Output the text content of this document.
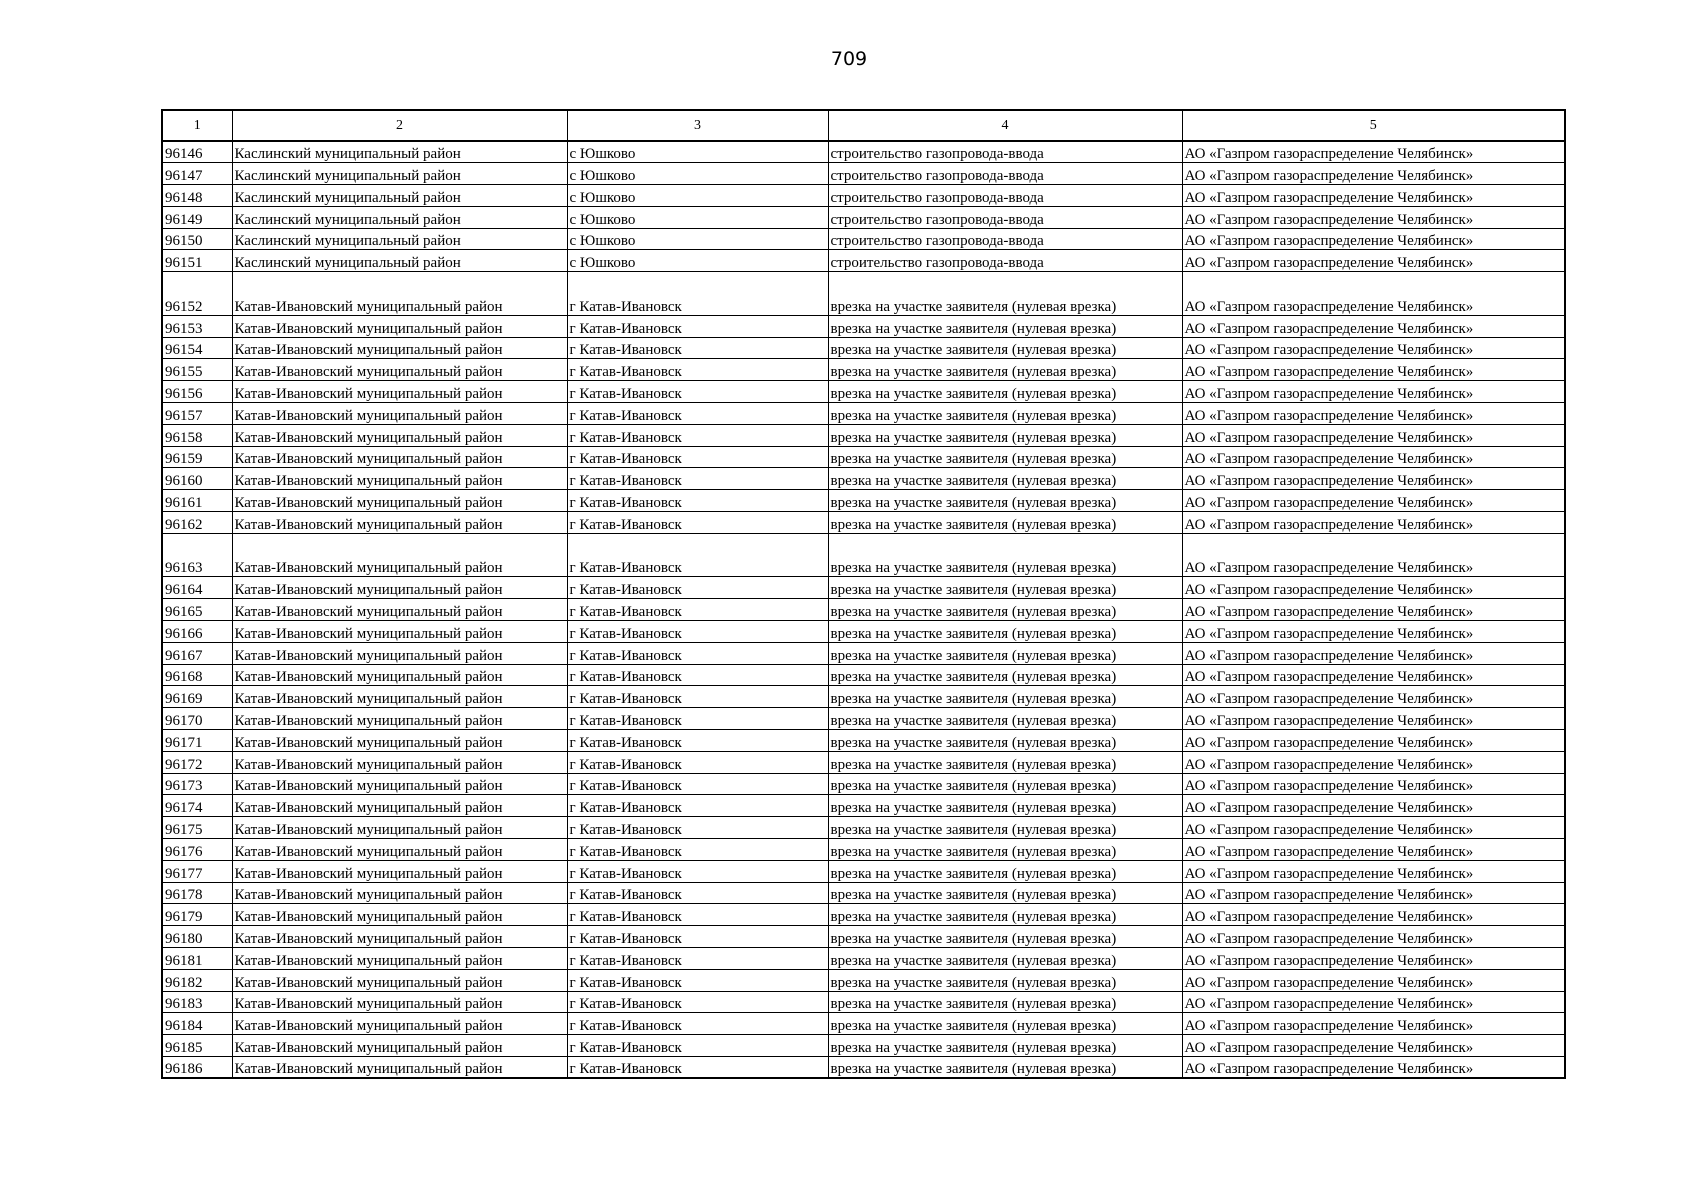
709
1	2	3	4	5
96146	Каслинский муниципальный район	с Юшково	строительство газопровода-ввода	АО «Газпром газораспределение Челябинск»
96147	Каслинский муниципальный район	с Юшково	строительство газопровода-ввода	АО «Газпром газораспределение Челябинск»
96148	Каслинский муниципальный район	с Юшково	строительство газопровода-ввода	АО «Газпром газораспределение Челябинск»
96149	Каслинский муниципальный район	с Юшково	строительство газопровода-ввода	АО «Газпром газораспределение Челябинск»
96150	Каслинский муниципальный район	с Юшково	строительство газопровода-ввода	АО «Газпром газораспределение Челябинск»
96151	Каслинский муниципальный район	с Юшково	строительство газопровода-ввода	АО «Газпром газораспределение Челябинск»
96152	Катав-Ивановский муниципальный район	г Катав-Ивановск	врезка на участке заявителя (нулевая врезка)	АО «Газпром газораспределение Челябинск»
96153	Катав-Ивановский муниципальный район	г Катав-Ивановск	врезка на участке заявителя (нулевая врезка)	АО «Газпром газораспределение Челябинск»
96154	Катав-Ивановский муниципальный район	г Катав-Ивановск	врезка на участке заявителя (нулевая врезка)	АО «Газпром газораспределение Челябинск»
96155	Катав-Ивановский муниципальный район	г Катав-Ивановск	врезка на участке заявителя (нулевая врезка)	АО «Газпром газораспределение Челябинск»
96156	Катав-Ивановский муниципальный район	г Катав-Ивановск	врезка на участке заявителя (нулевая врезка)	АО «Газпром газораспределение Челябинск»
96157	Катав-Ивановский муниципальный район	г Катав-Ивановск	врезка на участке заявителя (нулевая врезка)	АО «Газпром газораспределение Челябинск»
96158	Катав-Ивановский муниципальный район	г Катав-Ивановск	врезка на участке заявителя (нулевая врезка)	АО «Газпром газораспределение Челябинск»
96159	Катав-Ивановский муниципальный район	г Катав-Ивановск	врезка на участке заявителя (нулевая врезка)	АО «Газпром газораспределение Челябинск»
96160	Катав-Ивановский муниципальный район	г Катав-Ивановск	врезка на участке заявителя (нулевая врезка)	АО «Газпром газораспределение Челябинск»
96161	Катав-Ивановский муниципальный район	г Катав-Ивановск	врезка на участке заявителя (нулевая врезка)	АО «Газпром газораспределение Челябинск»
96162	Катав-Ивановский муниципальный район	г Катав-Ивановск	врезка на участке заявителя (нулевая врезка)	АО «Газпром газораспределение Челябинск»
96163	Катав-Ивановский муниципальный район	г Катав-Ивановск	врезка на участке заявителя (нулевая врезка)	АО «Газпром газораспределение Челябинск»
96164	Катав-Ивановский муниципальный район	г Катав-Ивановск	врезка на участке заявителя (нулевая врезка)	АО «Газпром газораспределение Челябинск»
96165	Катав-Ивановский муниципальный район	г Катав-Ивановск	врезка на участке заявителя (нулевая врезка)	АО «Газпром газораспределение Челябинск»
96166	Катав-Ивановский муниципальный район	г Катав-Ивановск	врезка на участке заявителя (нулевая врезка)	АО «Газпром газораспределение Челябинск»
96167	Катав-Ивановский муниципальный район	г Катав-Ивановск	врезка на участке заявителя (нулевая врезка)	АО «Газпром газораспределение Челябинск»
96168	Катав-Ивановский муниципальный район	г Катав-Ивановск	врезка на участке заявителя (нулевая врезка)	АО «Газпром газораспределение Челябинск»
96169	Катав-Ивановский муниципальный район	г Катав-Ивановск	врезка на участке заявителя (нулевая врезка)	АО «Газпром газораспределение Челябинск»
96170	Катав-Ивановский муниципальный район	г Катав-Ивановск	врезка на участке заявителя (нулевая врезка)	АО «Газпром газораспределение Челябинск»
96171	Катав-Ивановский муниципальный район	г Катав-Ивановск	врезка на участке заявителя (нулевая врезка)	АО «Газпром газораспределение Челябинск»
96172	Катав-Ивановский муниципальный район	г Катав-Ивановск	врезка на участке заявителя (нулевая врезка)	АО «Газпром газораспределение Челябинск»
96173	Катав-Ивановский муниципальный район	г Катав-Ивановск	врезка на участке заявителя (нулевая врезка)	АО «Газпром газораспределение Челябинск»
96174	Катав-Ивановский муниципальный район	г Катав-Ивановск	врезка на участке заявителя (нулевая врезка)	АО «Газпром газораспределение Челябинск»
96175	Катав-Ивановский муниципальный район	г Катав-Ивановск	врезка на участке заявителя (нулевая врезка)	АО «Газпром газораспределение Челябинск»
96176	Катав-Ивановский муниципальный район	г Катав-Ивановск	врезка на участке заявителя (нулевая врезка)	АО «Газпром газораспределение Челябинск»
96177	Катав-Ивановский муниципальный район	г Катав-Ивановск	врезка на участке заявителя (нулевая врезка)	АО «Газпром газораспределение Челябинск»
96178	Катав-Ивановский муниципальный район	г Катав-Ивановск	врезка на участке заявителя (нулевая врезка)	АО «Газпром газораспределение Челябинск»
96179	Катав-Ивановский муниципальный район	г Катав-Ивановск	врезка на участке заявителя (нулевая врезка)	АО «Газпром газораспределение Челябинск»
96180	Катав-Ивановский муниципальный район	г Катав-Ивановск	врезка на участке заявителя (нулевая врезка)	АО «Газпром газораспределение Челябинск»
96181	Катав-Ивановский муниципальный район	г Катав-Ивановск	врезка на участке заявителя (нулевая врезка)	АО «Газпром газораспределение Челябинск»
96182	Катав-Ивановский муниципальный район	г Катав-Ивановск	врезка на участке заявителя (нулевая врезка)	АО «Газпром газораспределение Челябинск»
96183	Катав-Ивановский муниципальный район	г Катав-Ивановск	врезка на участке заявителя (нулевая врезка)	АО «Газпром газораспределение Челябинск»
96184	Катав-Ивановский муниципальный район	г Катав-Ивановск	врезка на участке заявителя (нулевая врезка)	АО «Газпром газораспределение Челябинск»
96185	Катав-Ивановский муниципальный район	г Катав-Ивановск	врезка на участке заявителя (нулевая врезка)	АО «Газпром газораспределение Челябинск»
96186	Катав-Ивановский муниципальный район	г Катав-Ивановск	врезка на участке заявителя (нулевая врезка)	АО «Газпром газораспределение Челябинск»
